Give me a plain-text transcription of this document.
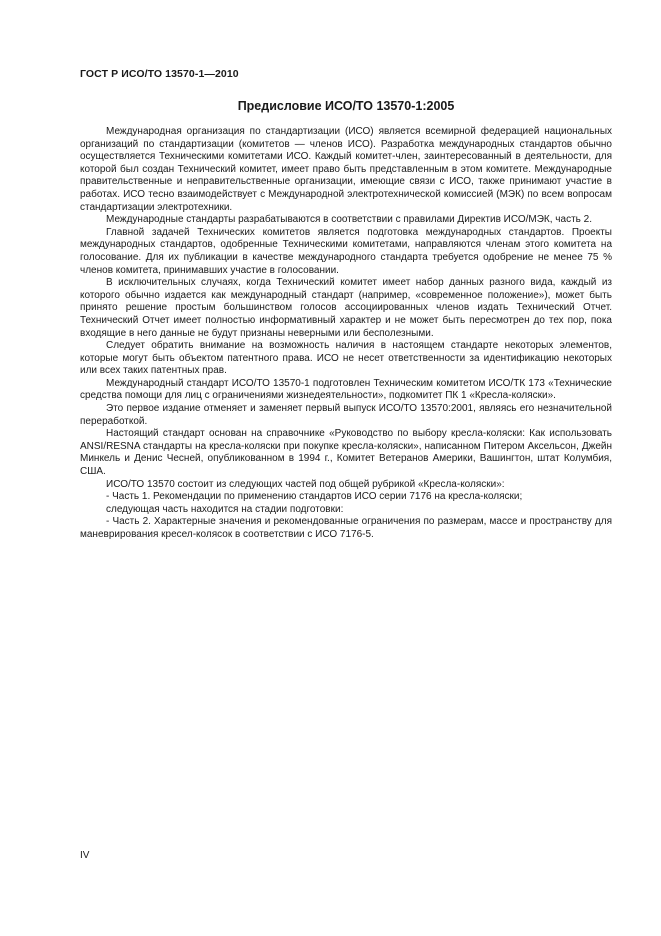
ГОСТ Р ИСО/ТО 13570-1—2010
Предисловие ИСО/ТО 13570-1:2005

Международная организация по стандартизации (ИСО) является всемирной федерацией национальных организаций по стандартизации (комитетов — членов ИСО). Разработка международных стандартов обычно осуществляется Техническими комитетами ИСО. Каждый комитет-член, заинтересованный в деятельности, для которой был создан Технический комитет, имеет право быть представленным в этом комитете. Международные правительственные и неправительственные организации, имеющие связи с ИСО, также принимают участие в работах. ИСО тесно взаимодействует с Международной электротехнической комиссией (МЭК) по всем вопросам стандартизации электротехники.

Международные стандарты разрабатываются в соответствии с правилами Директив ИСО/МЭК, часть 2.

Главной задачей Технических комитетов является подготовка международных стандартов. Проекты международных стандартов, одобренные Техническими комитетами, направляются членам этого комитета на голосование. Для их публикации в качестве международного стандарта требуется одобрение не менее 75 % членов комитета, принимавших участие в голосовании.

В исключительных случаях, когда Технический комитет имеет набор данных разного вида, каждый из которого обычно издается как международный стандарт (например, «современное положение»), может быть принято решение простым большинством голосов ассоциированных членов издать Технический Отчет. Технический Отчет имеет полностью информативный характер и не может быть пересмотрен до тех пор, пока входящие в него данные не будут признаны неверными или бесполезными.

Следует обратить внимание на возможность наличия в настоящем стандарте некоторых элементов, которые могут быть объектом патентного права. ИСО не несет ответственности за идентификацию некоторых или всех таких патентных прав.

Международный стандарт ИСО/ТО 13570-1 подготовлен Техническим комитетом ИСО/ТК 173 «Технические средства помощи для лиц с ограничениями жизнедеятельности», подкомитет ПК 1 «Кресла-коляски».

Это первое издание отменяет и заменяет первый выпуск ИСО/ТО 13570:2001, являясь его незначительной переработкой.

Настоящий стандарт основан на справочнике «Руководство по выбору кресла-коляски: Как использовать ANSI/RESNA стандарты на кресла-коляски при покупке кресла-коляски», написанном Питером Аксельсон, Джейн Минкель и Денис Чесней, опубликованном в 1994 г., Комитет Ветеранов Америки, Вашингтон, штат Колумбия, США.

ИСО/ТО 13570 состоит из следующих частей под общей рубрикой «Кресла-коляски»:

- Часть 1. Рекомендации по применению стандартов ИСО серии 7176 на кресла-коляски;

следующая часть находится на стадии подготовки:

- Часть 2. Характерные значения и рекомендованные ограничения по размерам, массе и пространству для маневрирования кресел-колясок в соответствии с ИСО 7176-5.

IV
